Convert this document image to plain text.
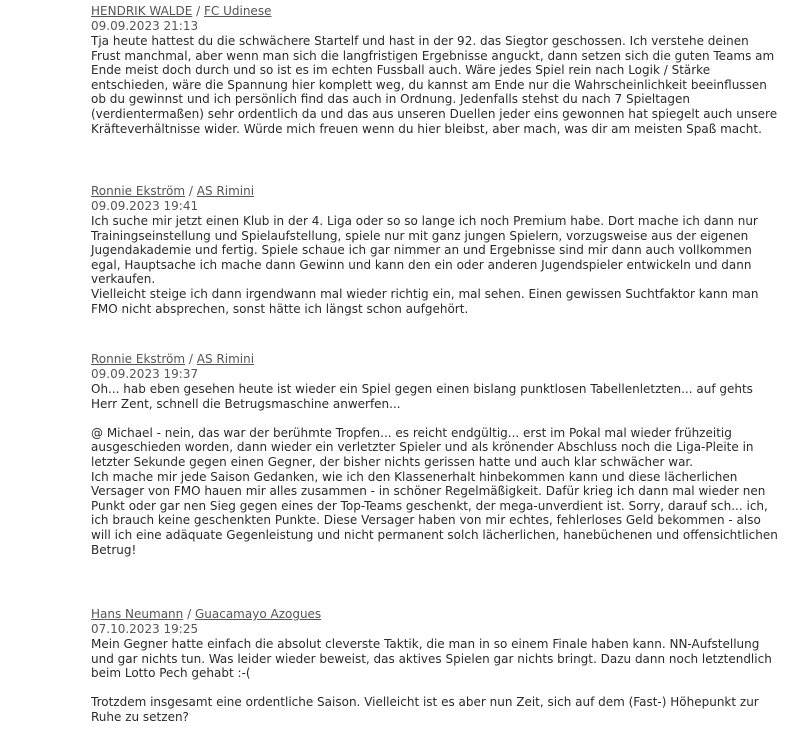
HENDRIK WALDE / FC Udinese
09.09.2023 21:13

Tja heute hattest du die schwächere Startelf und hast in der 92. das Siegtor geschossen. Ich verstehe deinen Frust manchmal, aber wenn man sich die langfristigen Ergebnisse anguckt, dann setzen sich die guten Teams am Ende meist doch durch und so ist es im echten Fussball auch. Wäre jedes Spiel rein nach Logik / Stärke entschieden, wäre die Spannung hier komplett weg, du kannst am Ende nur die Wahrscheinlichkeit beeinflussen ob du gewinnst und ich persönlich find das auch in Ordnung. Jedenfalls stehst du nach 7 Spieltagen (verdientermaßen) sehr ordentlich da und das aus unseren Duellen jeder eins gewonnen hat spiegelt auch unsere Kräfteverhältnisse wider. Würde mich freuen wenn du hier bleibst, aber mach, was dir am meisten Spaß macht.

Ronnie Ekström / AS Rimini
09.09.2023 19:41

Ich suche mir jetzt einen Klub in der 4. Liga oder so so lange ich noch Premium habe. Dort mache ich dann nur Trainingseinstellung und Spielaufstellung, spiele nur mit ganz jungen Spielern, vorzugsweise aus der eigenen Jugendakademie und fertig. Spiele schaue ich gar nimmer an und Ergebnisse sind mir dann auch vollkommen egal, Hauptsache ich mache dann Gewinn und kann den ein oder anderen Jugendspieler entwickeln und dann verkaufen.
Vielleicht steige ich dann irgendwann mal wieder richtig ein, mal sehen. Einen gewissen Suchtfaktor kann man FMO nicht absprechen, sonst hätte ich längst schon aufgehört.

Ronnie Ekström / AS Rimini
09.09.2023 19:37

Oh... hab eben gesehen heute ist wieder ein Spiel gegen einen bislang punktlosen Tabellenletzten... auf gehts Herr Zent, schnell die Betrugsmaschine anwerfen...

@ Michael - nein, das war der berühmte Tropfen... es reicht endgültig... erst im Pokal mal wieder frühzeitig ausgeschieden worden, dann wieder ein verletzter Spieler und als krönender Abschluss noch die Liga-Pleite in letzter Sekunde gegen einen Gegner, der bisher nichts gerissen hatte und auch klar schwächer war.
Ich mache mir jede Saison Gedanken, wie ich den Klassenerhalt hinbekommen kann und diese lächerlichen Versager von FMO hauen mir alles zusammen - in schöner Regelmäßigkeit. Dafür krieg ich dann mal wieder nen Punkt oder gar nen Sieg gegen eines der Top-Teams geschenkt, der mega-unverdient ist. Sorry, darauf sch... ich, ich brauch keine geschenkten Punkte. Diese Versager haben von mir echtes, fehlerloses Geld bekommen - also will ich eine adäquate Gegenleistung und nicht permanent solch lächerlichen, hanebüchenen und offensichtlichen Betrug!

Hans Neumann / Guacamayo Azogues
07.10.2023 19:25

Mein Gegner hatte einfach die absolut cleverste Taktik, die man in so einem Finale haben kann. NN-Aufstellung und gar nichts tun. Was leider wieder beweist, das aktives Spielen gar nichts bringt. Dazu dann noch letztendlich beim Lotto Pech gehabt :-(

Trotzdem insgesamt eine ordentliche Saison. Vielleicht ist es aber nun Zeit, sich auf dem (Fast-) Höhepunkt zur Ruhe zu setzen?
